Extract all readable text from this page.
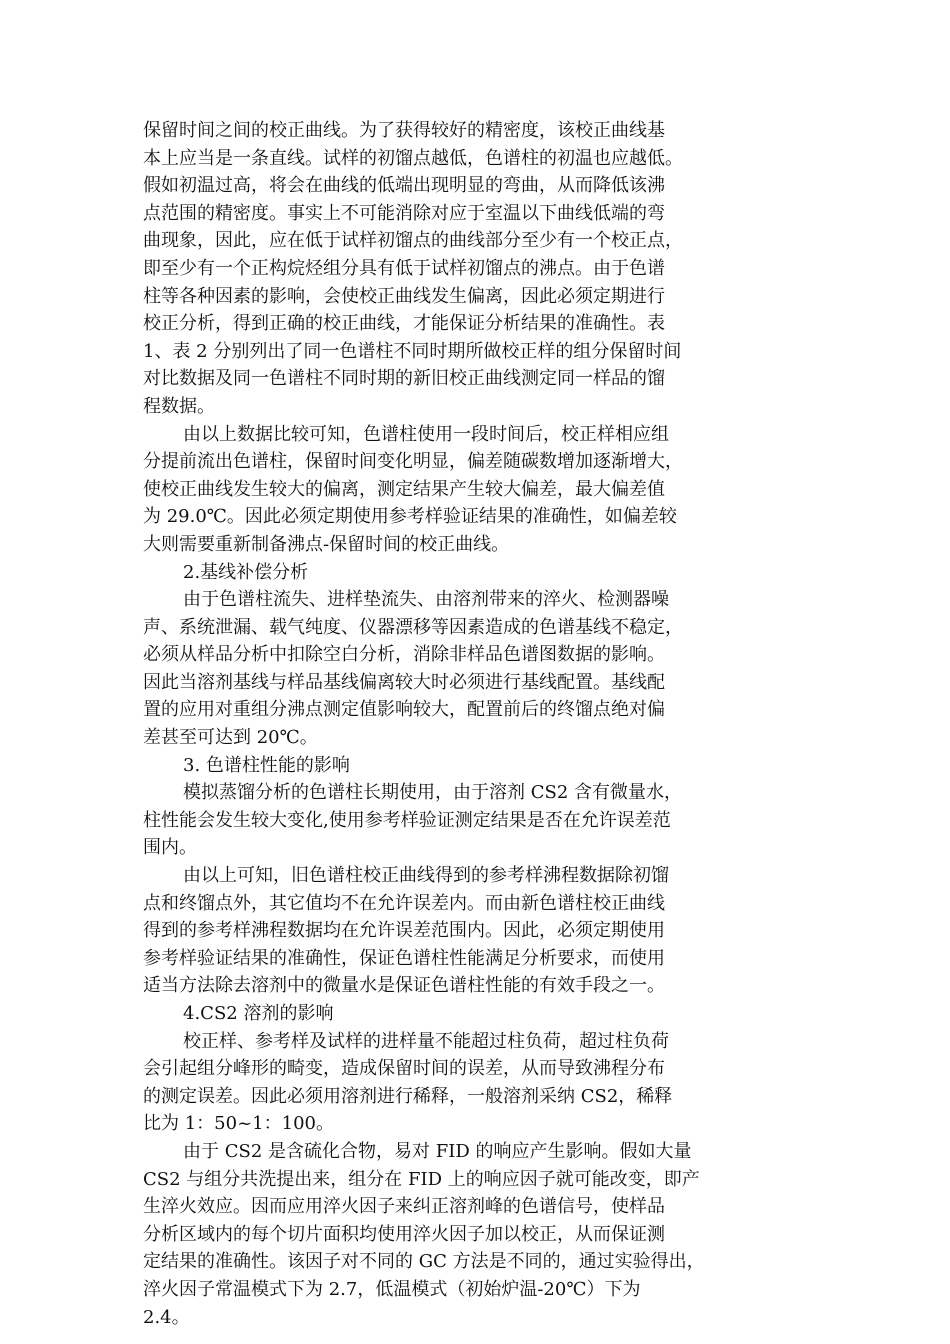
保留时间之间的校正曲线。为了获得较好的精密度，该校正曲线基
本上应当是一条直线。试样的初馏点越低，色谱柱的初温也应越低。
假如初温过高，将会在曲线的低端出现明显的弯曲，从而降低该沸
点范围的精密度。事实上不可能消除对应于室温以下曲线低端的弯
曲现象，因此，应在低于试样初馏点的曲线部分至少有一个校正点，
即至少有一个正构烷烃组分具有低于试样初馏点的沸点。由于色谱
柱等各种因素的影响，会使校正曲线发生偏离，因此必须定期进行
校正分析，得到正确的校正曲线，才能保证分析结果的准确性。表
1、表 2 分别列出了同一色谱柱不同时期所做校正样的组分保留时间
对比数据及同一色谱柱不同时期的新旧校正曲线测定同一样品的馏
程数据。
由以上数据比较可知，色谱柱使用一段时间后，校正样相应组
分提前流出色谱柱，保留时间变化明显，偏差随碳数增加逐渐增大，
使校正曲线发生较大的偏离，测定结果产生较大偏差，最大偏差值
为 29.0℃。因此必须定期使用参考样验证结果的准确性，如偏差较
大则需要重新制备沸点-保留时间的校正曲线。
2.基线补偿分析
由于色谱柱流失、进样垫流失、由溶剂带来的淬火、检测器噪
声、系统泄漏、载气纯度、仪器漂移等因素造成的色谱基线不稳定，
必须从样品分析中扣除空白分析，消除非样品色谱图数据的影响。
因此当溶剂基线与样品基线偏离较大时必须进行基线配置。基线配
置的应用对重组分沸点测定值影响较大，配置前后的终馏点绝对偏
差甚至可达到 20℃。
3. 色谱柱性能的影响
模拟蒸馏分析的色谱柱长期使用，由于溶剂 CS2 含有微量水，
柱性能会发生较大变化,使用参考样验证测定结果是否在允许误差范
围内。
由以上可知，旧色谱柱校正曲线得到的参考样沸程数据除初馏
点和终馏点外，其它值均不在允许误差内。而由新色谱柱校正曲线
得到的参考样沸程数据均在允许误差范围内。因此，必须定期使用
参考样验证结果的准确性，保证色谱柱性能满足分析要求，而使用
适当方法除去溶剂中的微量水是保证色谱柱性能的有效手段之一。
4.CS2 溶剂的影响
校正样、参考样及试样的进样量不能超过柱负荷，超过柱负荷
会引起组分峰形的畸变，造成保留时间的误差，从而导致沸程分布
的测定误差。因此必须用溶剂进行稀释，一般溶剂采纳 CS2，稀释
比为 1：50~1：100。
由于 CS2 是含硫化合物，易对 FID 的响应产生影响。假如大量
CS2 与组分共洗提出来，组分在 FID 上的响应因子就可能改变，即产
生淬火效应。因而应用淬火因子来纠正溶剂峰的色谱信号，使样品
分析区域内的每个切片面积均使用淬火因子加以校正，从而保证测
定结果的准确性。该因子对不同的 GC 方法是不同的，通过实验得出，
淬火因子常温模式下为 2.7，低温模式（初始炉温-20℃）下为
2.4。
